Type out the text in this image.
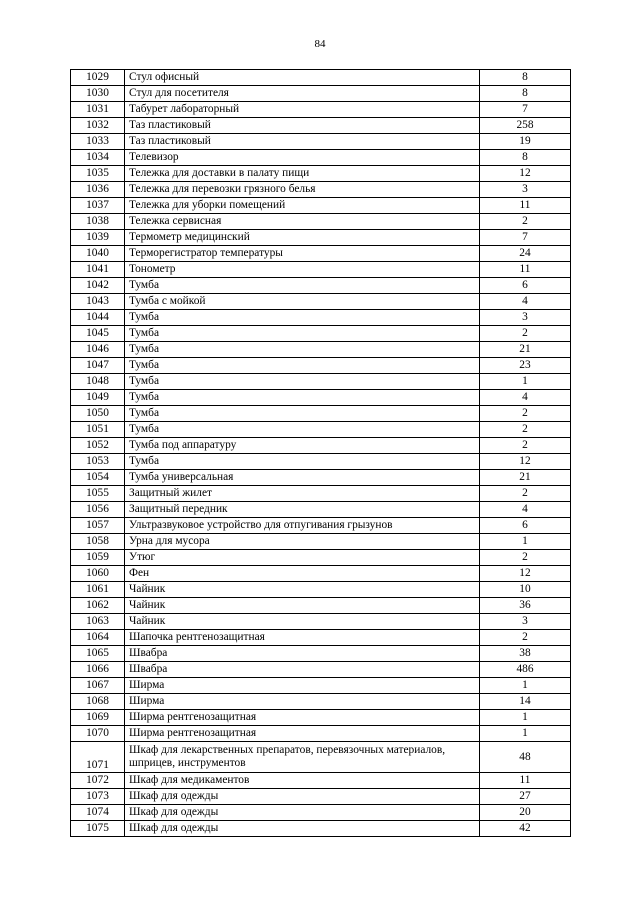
84
1029	Стул офисный	8
1030	Стул для посетителя	8
1031	Табурет лабораторный	7
1032	Таз пластиковый	258
1033	Таз пластиковый	19
1034	Телевизор	8
1035	Тележка для доставки в палату пищи	12
1036	Тележка для перевозки грязного белья	3
1037	Тележка для уборки помещений	11
1038	Тележка сервисная	2
1039	Термометр медицинский	7
1040	Терморегистратор температуры	24
1041	Тонометр	11
1042	Тумба	6
1043	Тумба с мойкой	4
1044	Тумба	3
1045	Тумба	2
1046	Тумба	21
1047	Тумба	23
1048	Тумба	1
1049	Тумба	4
1050	Тумба	2
1051	Тумба	2
1052	Тумба под аппаратуру	2
1053	Тумба	12
1054	Тумба универсальная	21
1055	Защитный жилет	2
1056	Защитный передник	4
1057	Ультразвуковое устройство для отпугивания грызунов	6
1058	Урна для мусора	1
1059	Утюг	2
1060	Фен	12
1061	Чайник	10
1062	Чайник	36
1063	Чайник	3
1064	Шапочка рентгенозащитная	2
1065	Швабра	38
1066	Швабра	486
1067	Ширма	1
1068	Ширма	14
1069	Ширма рентгенозащитная	1
1070	Ширма рентгенозащитная	1
1071	Шкаф для лекарственных препаратов, перевязочных материалов, шприцев, инструментов	48
1072	Шкаф для медикаментов	11
1073	Шкаф для одежды	27
1074	Шкаф для одежды	20
1075	Шкаф для одежды	42
